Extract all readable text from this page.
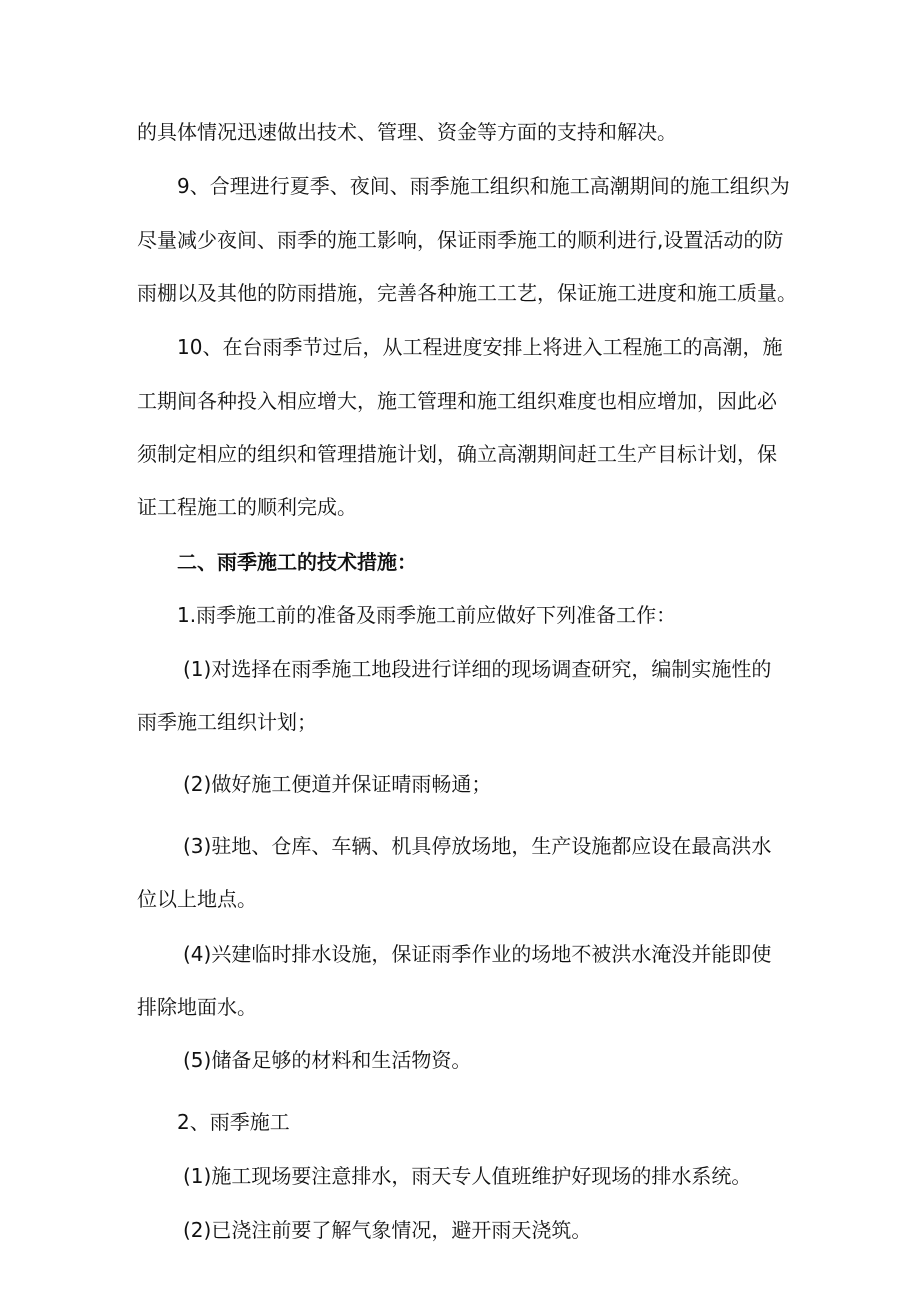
的具体情况迅速做出技术、管理、资金等方面的支持和解决。
9、合理进行夏季、夜间、雨季施工组织和施工高潮期间的施工组织为
尽量减少夜间、雨季的施工影响，保证雨季施工的顺利进行,设置活动的防
雨棚以及其他的防雨措施，完善各种施工工艺，保证施工进度和施工质量。
10、在台雨季节过后，从工程进度安排上将进入工程施工的高潮，施
工期间各种投入相应增大，施工管理和施工组织难度也相应增加，因此必
须制定相应的组织和管理措施计划，确立高潮期间赶工生产目标计划，保
证工程施工的顺利完成。
二、雨季施工的技术措施：
1.雨季施工前的准备及雨季施工前应做好下列准备工作：
(1)对选择在雨季施工地段进行详细的现场调查研究，编制实施性的
雨季施工组织计划；
(2)做好施工便道并保证晴雨畅通；
(3)驻地、仓库、车辆、机具停放场地，生产设施都应设在最高洪水
位以上地点。
(4)兴建临时排水设施，保证雨季作业的场地不被洪水淹没并能即使
排除地面水。
(5)储备足够的材料和生活物资。
2、雨季施工
(1)施工现场要注意排水，雨天专人值班维护好现场的排水系统。
(2)已浇注前要了解气象情况，避开雨天浇筑。
